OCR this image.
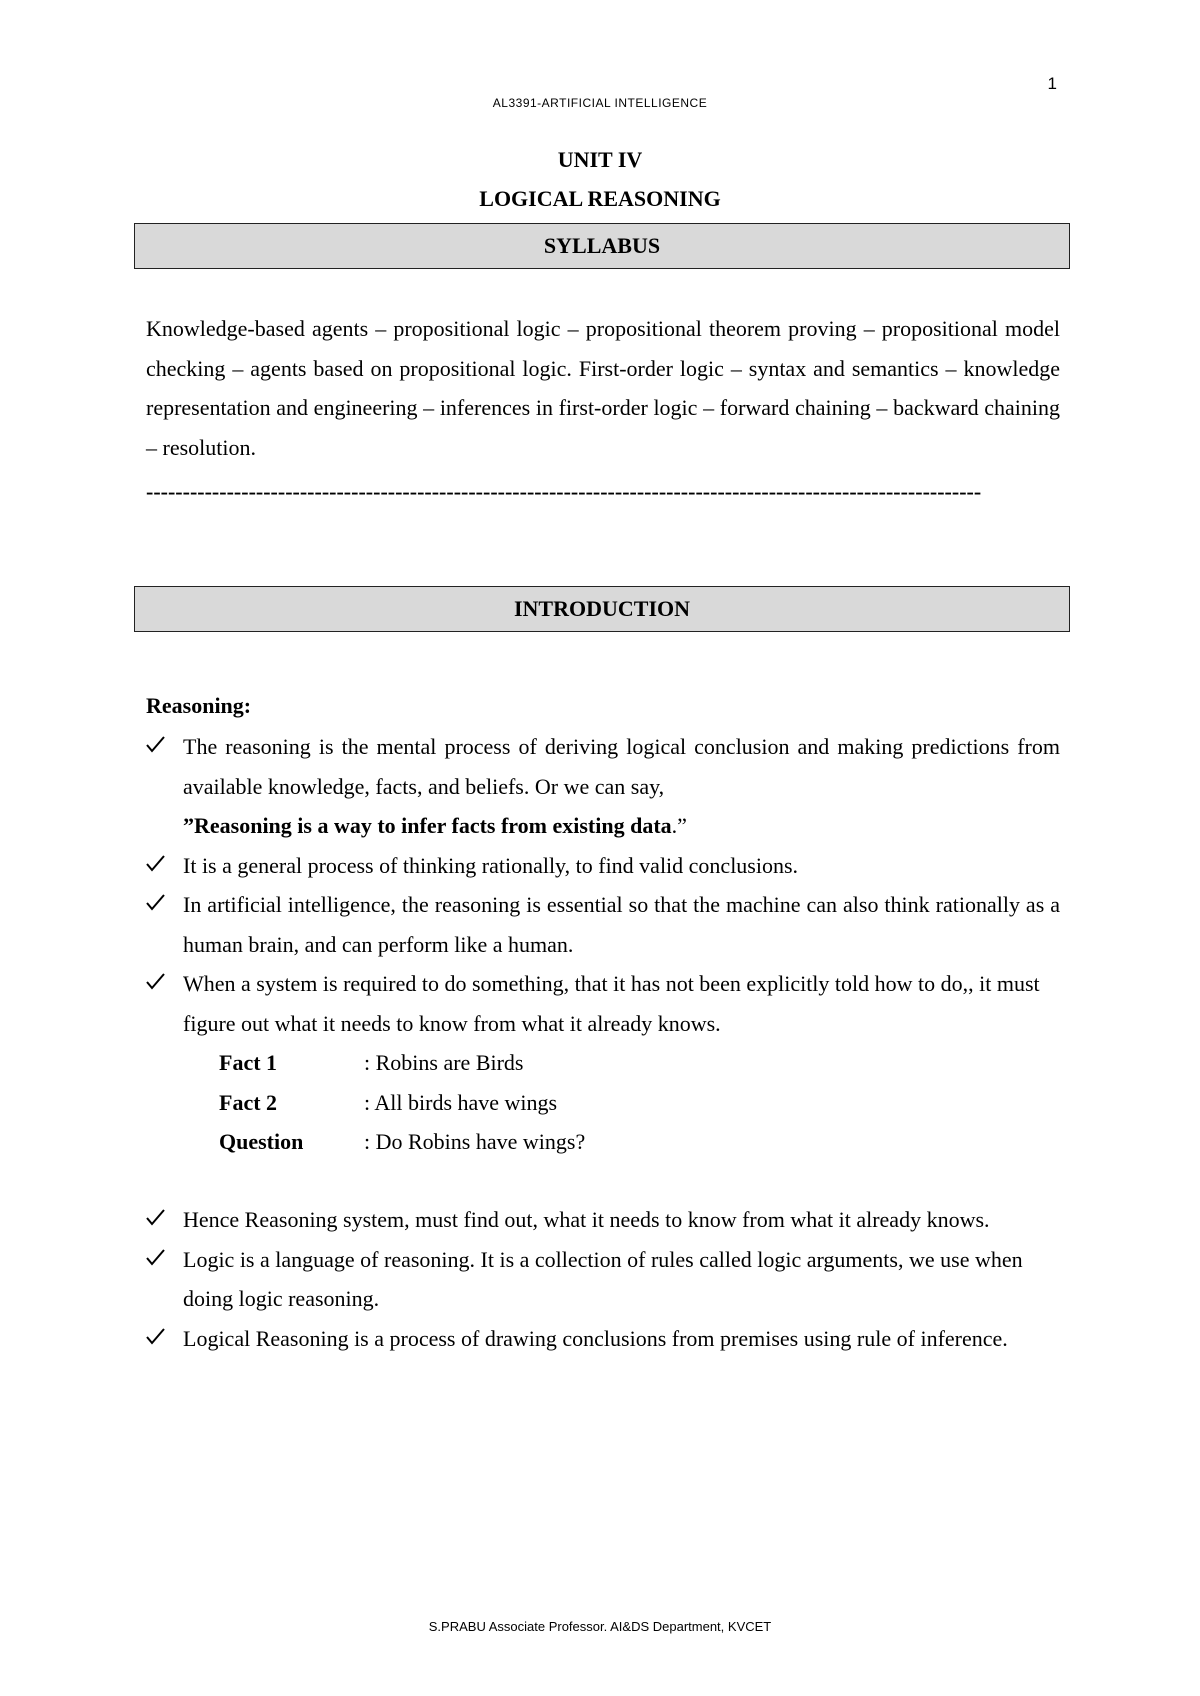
1
AL3391-ARTIFICIAL INTELLIGENCE
UNIT IV
LOGICAL REASONING
SYLLABUS

Knowledge-based agents – propositional logic – propositional theorem proving – propositional model checking – agents based on propositional logic. First-order logic – syntax and semantics – knowledge representation and engineering – inferences in first-order logic – forward chaining – backward chaining – resolution.

------------------------------------------------------------------------------------------------------------------
INTRODUCTION
Reasoning:
The reasoning is the mental process of deriving logical conclusion and making predictions from available knowledge, facts, and beliefs. Or we can say,
”Reasoning is a way to infer facts from existing data.”
It is a general process of thinking rationally, to find valid conclusions.
In artificial intelligence, the reasoning is essential so that the machine can also think rationally as a human brain, and can perform like a human.
When a system is required to do something, that it has not been explicitly told how to do,, it must figure out what it needs to know from what it already knows.
Fact 1	: Robins are Birds
Fact 2	: All birds have wings
Question	: Do Robins have wings?
Hence Reasoning system, must find out, what it needs to know from what it already knows.
Logic is a language of reasoning. It is a collection of rules called logic arguments, we use when doing logic reasoning.
Logical Reasoning is a process of drawing conclusions from premises using rule of inference.
S.PRABU Associate Professor. AI&DS Department, KVCET
